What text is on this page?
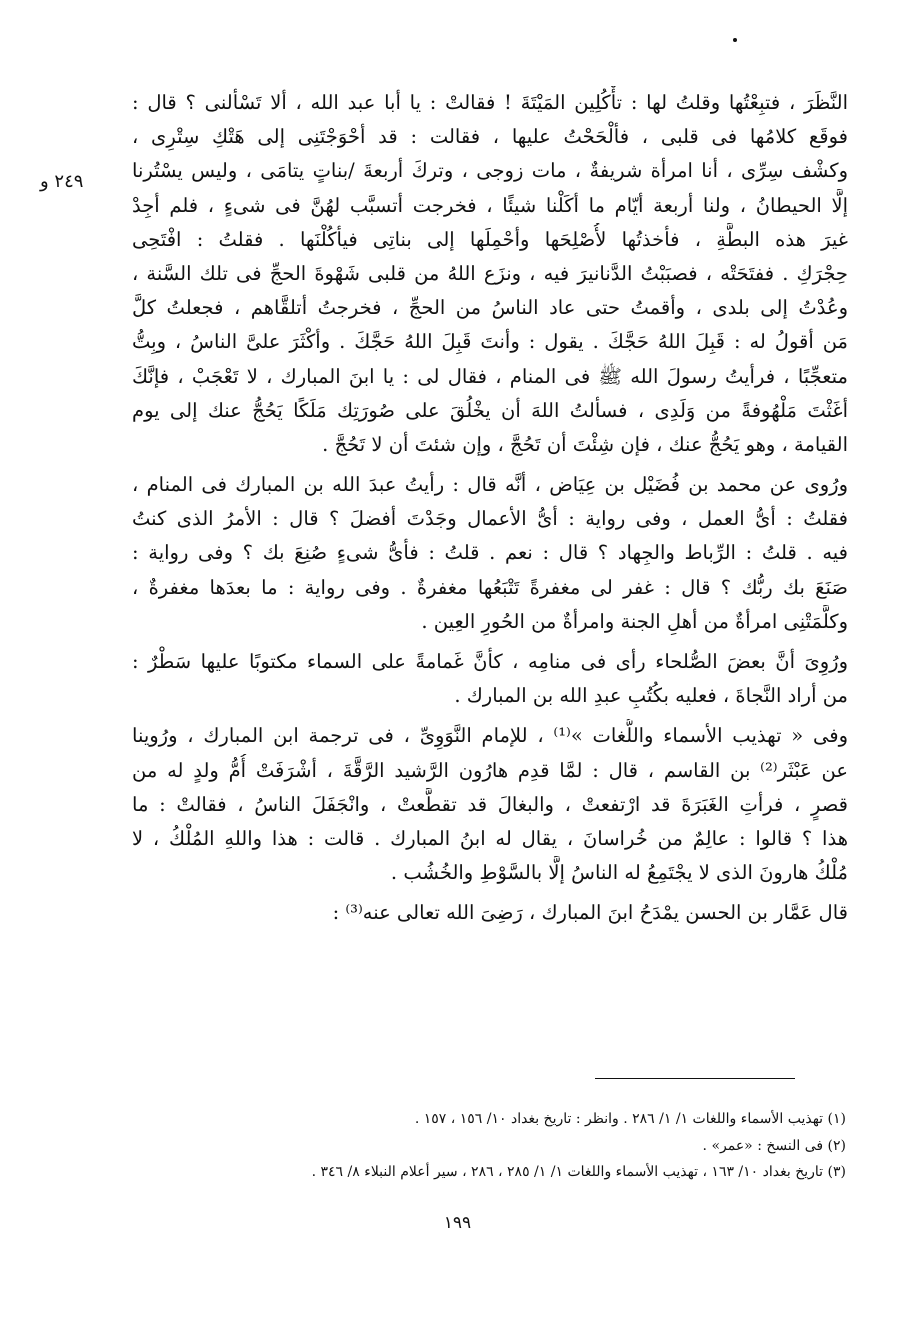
٢٤٩ و
النَّظَرَ ، فتبِعْتُها وقلتُ لها : تأْكُلِين المَيْتَةَ ! فقالتْ : يا أبا عبد الله ، ألا تَسْألنى ؟ قال :
فوقَع كلامُها فى قلبى ، فألْحَحْتُ عليها ، فقالت : قد أحْوَجْتَنِى إلى هَتْكِ سِتْرِى ،
وكشْف سِرِّى ، أنا امرأة شريفةٌ ، مات زوجى ، وتركَ أربعةَ /بناتٍ يتامَى ، وليس يسْتُرنا
إلَّا الحيطانُ ، ولنا أربعة أيّام ما أكَلْنا شيئًا ، فخرجت أتسبَّب لهُنَّ فى شىءٍ ، فلم أجِدْ
غيرَ هذه البطَّةِ ، فأخذتُها لأُصْلِحَها وأحْمِلَها إلى بناتِى فيأكُلْنَها . فقلتُ : افْتَحِى
حِجْرَكِ . ففتَحَتْه ، فصبَبْتُ الدَّنانيرَ فيه ، ونزَع اللهُ من قلبى شَهْوةَ الحجِّ فى تلك السَّنة ،
وعُدْتُ إلى بلدى ، وأقمتُ حتى عاد الناسُ من الحجِّ ، فخرجتُ أتلقَّاهم ، فجعلتُ كلَّ
مَن أقولُ له : قَبِلَ اللهُ حَجَّكَ . يقول : وأنتَ قَبِلَ اللهُ حَجَّكَ . وأكْثَرَ علىَّ الناسُ ، وبِتُّ
متعجِّبًا ، فرأيتُ رسولَ الله ﷺ فى المنام ، فقال لى : يا ابنَ المبارك ، لا تَعْجَبْ ، فإنَّكَ
أغَثْتَ مَلْهُوفةً من وَلَدِى ، فسألتُ اللهَ أن يخْلُقَ على صُورَتِك مَلَكًا يَحُجُّ عنك إلى يوم
القيامة ، وهو يَحُجُّ عنك ، فإن شِئْتَ أن تَحُجَّ ، وإن شئتَ أن لا تَحُجَّ .
ورُوى عن محمد بن فُضَيْل بن عِيَاض ، أنَّه قال : رأيتُ عبدَ الله بن المبارك فى المنام ،
فقلتُ : أىُّ العمل ، وفى رواية : أىُّ الأعمال وجَدْتَ أفضلَ ؟ قال : الأمرُ الذى كنتُ
فيه . قلتُ : الرِّباط والجِهاد ؟ قال : نعم . قلتُ : فأىُّ شىءٍ صُنِعَ بك ؟ وفى رواية :
صَنَعَ بك ربُّك ؟ قال : غفر لى مغفرةً تَتْبَعُها مغفرةٌ . وفى رواية : ما بعدَها مغفرةٌ ،
وكلَّمَتْنِى امرأةٌ من أهلِ الجنة وامرأةٌ من الحُورِ العِين .
ورُوِىَ أنَّ بعضَ الصُّلحاء رأى فى منامِه ، كأنَّ غَمامةً على السماء مكتوبًا عليها سَطْرٌ :
من أراد النَّجاةَ ، فعليه بكُتُبِ عبدِ الله بن المبارك .
وفى « تهذيب الأسماء واللُّغات »⁽¹⁾ ، للإمام النَّوَوِىِّ ، فى ترجمة ابن المبارك ، ورُوينا
عن عَبْثَر⁽²⁾ بن القاسم ، قال : لمَّا قدِم هارُون الرَّشيد الرَّقَّةَ ، أشْرَفَتْ أُمُّ ولدٍ له من
قصرٍ ، فرأتِ الغَبَرَةَ قد ارْتفعتْ ، والبغالَ قد تقطَّعتْ ، وانْجَفَلَ الناسُ ، فقالتْ : ما
هذا ؟ قالوا : عالِمٌ من خُراسانَ ، يقال له ابنُ المبارك . قالت : هذا واللهِ المُلْكُ ، لا
مُلْكُ هارونَ الذى لا يجْتَمِعُ له الناسُ إلَّا بالسَّوْطِ والخُشُب .
قال عَمَّار بن الحسن يمْدَحُ ابنَ المبارك ، رَضِىَ الله تعالى عنه⁽³⁾ :
(١) تهذيب الأسماء واللغات ١/ ١/ ٢٨٦ . وانظر : تاريخ بغداد ١٠/ ١٥٦ ، ١٥٧ .
(٢) فى النسخ : «عمر» .
(٣) تاريخ بغداد ١٠/ ١٦٣ ، تهذيب الأسماء واللغات ١/ ١/ ٢٨٥ ، ٢٨٦ ، سير أعلام النبلاء ٨/ ٣٤٦ .
١٩٩
